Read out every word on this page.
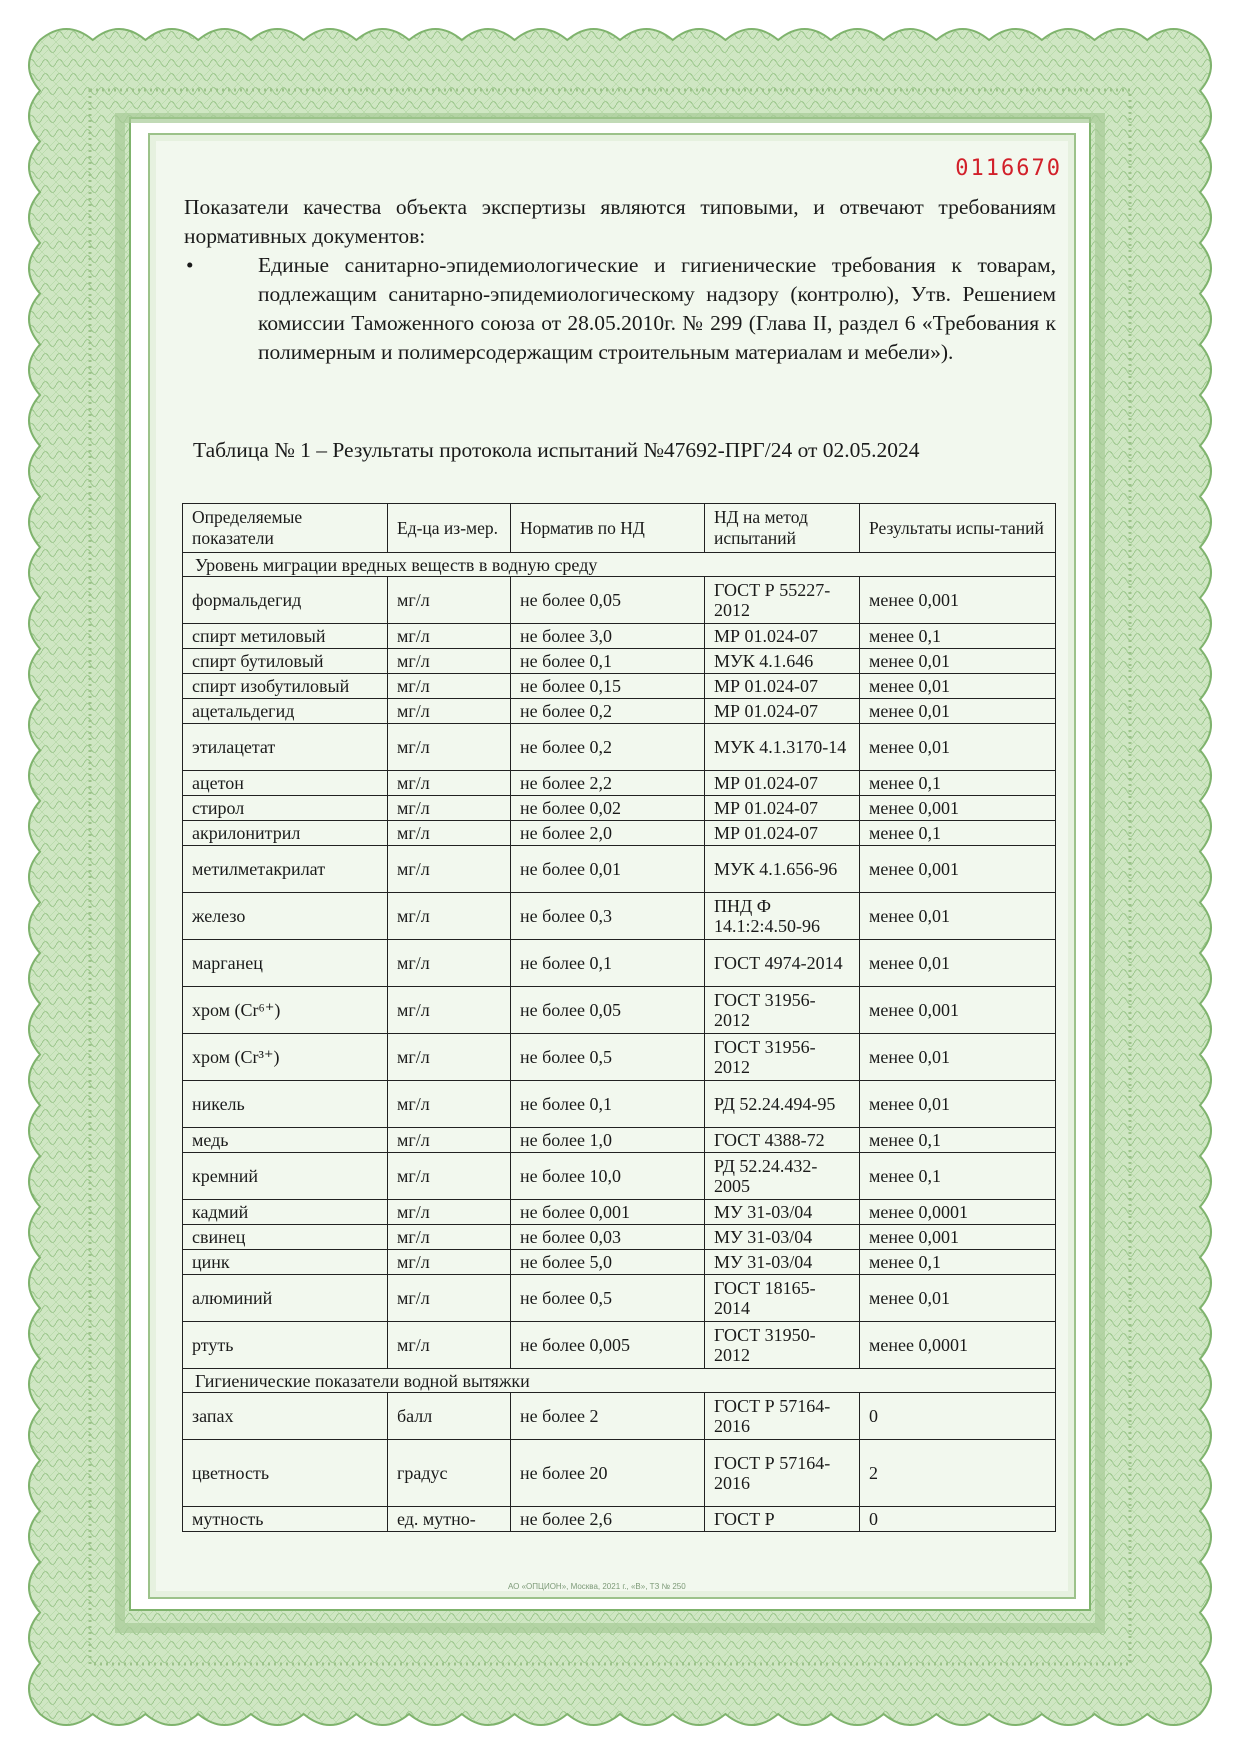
0116670

Показатели качества объекта экспертизы являются типовыми, и отвечают требованиям нормативных документов:

•	Единые санитарно-эпидемиологические и гигиенические требования к товарам, подлежащим санитарно-эпидемиологическому надзору (контролю), Утв. Решением комиссии Таможенного союза от 28.05.2010г. № 299 (Глава II, раздел 6 «Требования к полимерным и полимерсодержащим строительным материалам и мебели»).
Таблица № 1 – Результаты протокола испытаний №47692-ПРГ/24 от 02.05.2024
Определяемые показатели	Ед-ца из-мер.	Норматив по НД	НД на метод испытаний	Результаты испы-таний
Уровень миграции вредных веществ в водную среду				
формальдегид	мг/л	не более 0,05	ГОСТ Р 55227-2012	менее 0,001
спирт метиловый	мг/л	не более 3,0	МР 01.024-07	менее 0,1
спирт бутиловый	мг/л	не более 0,1	МУК 4.1.646	менее 0,01
спирт изобутиловый	мг/л	не более 0,15	МР 01.024-07	менее 0,01
ацетальдегид	мг/л	не более 0,2	МР 01.024-07	менее 0,01
этилацетат	мг/л	не более 0,2	МУК 4.1.3170-14	менее 0,01
ацетон	мг/л	не более 2,2	МР 01.024-07	менее 0,1
стирол	мг/л	не более 0,02	МР 01.024-07	менее 0,001
акрилонитрил	мг/л	не более 2,0	МР 01.024-07	менее 0,1
метилметакрилат	мг/л	не более 0,01	МУК 4.1.656-96	менее 0,001
железо	мг/л	не более 0,3	ПНД Ф 14.1:2:4.50-96	менее 0,01
марганец	мг/л	не более 0,1	ГОСТ 4974-2014	менее 0,01
хром (Cr⁶⁺)	мг/л	не более 0,05	ГОСТ 31956-2012	менее 0,001
хром (Cr³⁺)	мг/л	не более 0,5	ГОСТ 31956-2012	менее 0,01
никель	мг/л	не более 0,1	РД 52.24.494-95	менее 0,01
медь	мг/л	не более 1,0	ГОСТ 4388-72	менее 0,1
кремний	мг/л	не более 10,0	РД 52.24.432-2005	менее 0,1
кадмий	мг/л	не более 0,001	МУ 31-03/04	менее 0,0001
свинец	мг/л	не более 0,03	МУ 31-03/04	менее 0,001
цинк	мг/л	не более 5,0	МУ 31-03/04	менее 0,1
алюминий	мг/л	не более 0,5	ГОСТ 18165-2014	менее 0,01
ртуть	мг/л	не более 0,005	ГОСТ 31950-2012	менее 0,0001
Гигиенические показатели водной вытяжки				
запах	балл	не более 2	ГОСТ Р 57164-2016	0
цветность	градус	не более 20	ГОСТ Р 57164-2016	2
мутность	ед. мутно-	не более 2,6	ГОСТ Р	0
АО «ОПЦИОН», Москва, 2021 г., «В», ТЗ № 250
